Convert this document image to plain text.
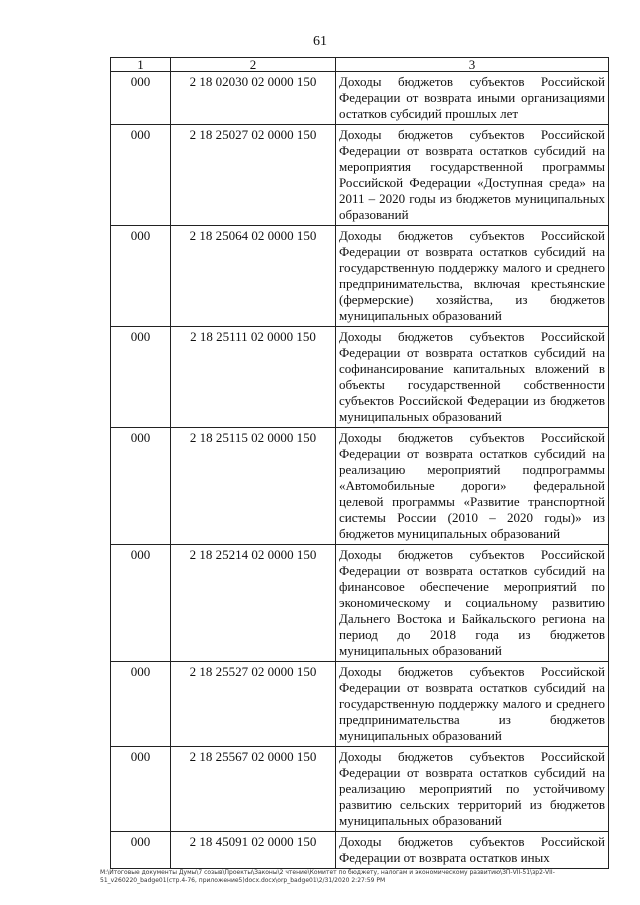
61
1	2	3
000	2 18 02030 02 0000 150	Доходы бюджетов субъектов Российской Федерации от возврата иными организациями остатков субсидий прошлых лет
000	2 18 25027 02 0000 150	Доходы бюджетов субъектов Российской Федерации от возврата остатков субсидий на мероприятия государственной программы Российской Федерации «Доступная среда» на 2011 – 2020 годы из бюджетов муниципальных образований
000	2 18 25064 02 0000 150	Доходы бюджетов субъектов Российской Федерации от возврата остатков субсидий на государственную поддержку малого и среднего предпринимательства, включая крестьянские (фермерские) хозяйства, из бюджетов муниципальных образований
000	2 18 25111 02 0000 150	Доходы бюджетов субъектов Российской Федерации от возврата остатков субсидий на софинансирование капитальных вложений в объекты государственной собственности субъектов Российской Федерации из бюджетов муниципальных образований
000	2 18 25115 02 0000 150	Доходы бюджетов субъектов Российской Федерации от возврата остатков субсидий на реализацию мероприятий подпрограммы «Автомобильные дороги» федеральной целевой программы «Развитие транспортной системы России (2010 – 2020 годы)» из бюджетов муниципальных образований
000	2 18 25214 02 0000 150	Доходы бюджетов субъектов Российской Федерации от возврата остатков субсидий на финансовое обеспечение мероприятий по экономическому и социальному развитию Дальнего Востока и Байкальского региона на период до 2018 года из бюджетов муниципальных образований
000	2 18 25527 02 0000 150	Доходы бюджетов субъектов Российской Федерации от возврата остатков субсидий на государственную поддержку малого и среднего предпринимательства из бюджетов муниципальных образований
000	2 18 25567 02 0000 150	Доходы бюджетов субъектов Российской Федерации от возврата остатков субсидий на реализацию мероприятий по устойчивому развитию сельских территорий из бюджетов муниципальных образований
000	2 18 45091 02 0000 150	Доходы бюджетов субъектов Российской Федерации от возврата остатков иных
M:\Итоговые документы Думы\7 созыв\Проекты\Законы\2 чтение\Комитет по бюджету, налогам и экономическому развитию\ЗП-VII-51\зр2-VII-51_v260220_badge01(стр.4-76, приложение5)docx.docx\orp_badge01\2/31/2020 2:27:59 PM
